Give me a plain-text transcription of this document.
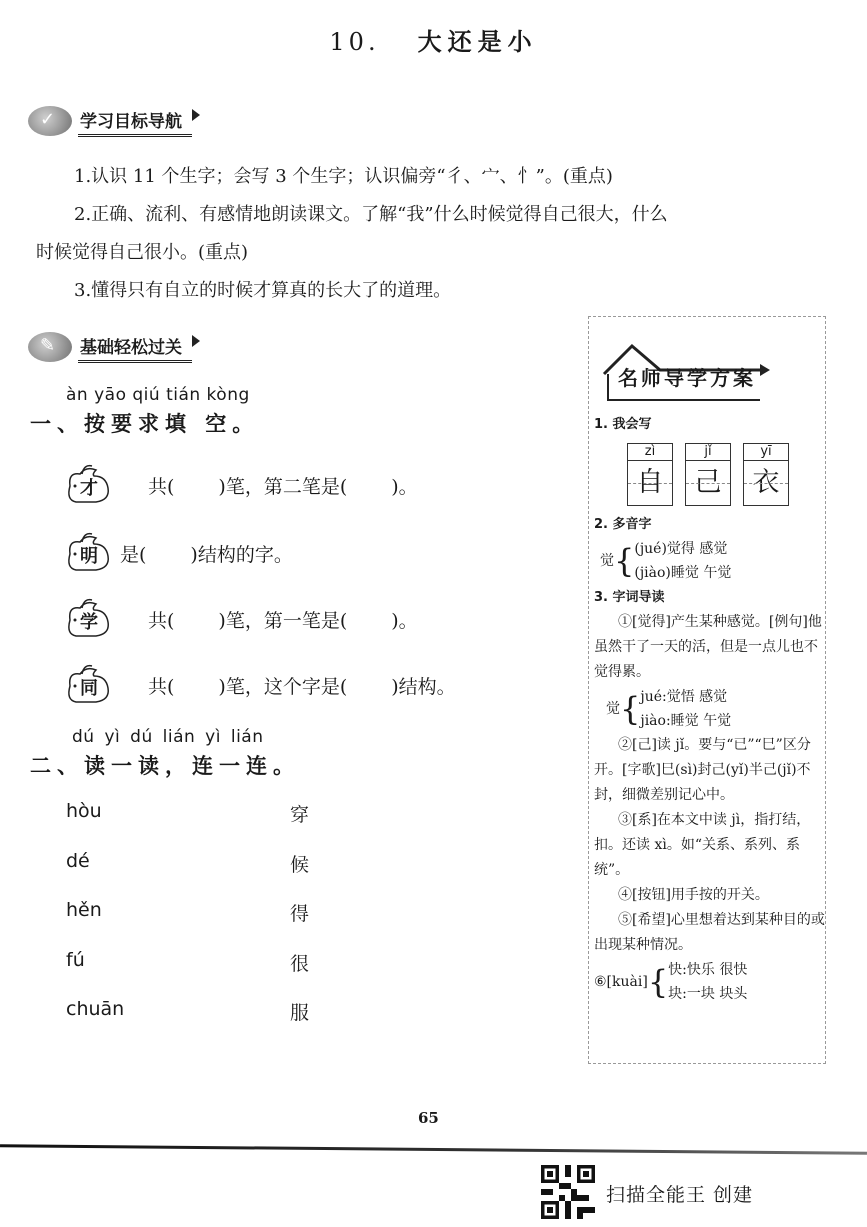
10. 大还是小
✓ 学习目标导航

1.认识 11 个生字；会写 3 个生字；认识偏旁“彳、宀、忄”。(重点)

2.正确、流利、有感情地朗读课文。了解“我”什么时候觉得自己很大，什么

时候觉得自己很小。(重点)

3.懂得只有自立的时候才算真的长大了的道理。

✎ 基础轻松过关
àn yāo qiú tián kòng
一、按要求填 空。
才	共( )笔，第二笔是( )。
明 是( )结构的字。
学	共( )笔，第一笔是( )。
同	共( )笔，这个字是( )结构。
dú yì dú lián yì lián
二、读一读，连一连。
hòu
dé
hěn
fú
chuān
穿
候
得
很
服
名师导学方案
1. 我会写
zì
自
jǐ
己
yī
衣
2. 多音字
觉 { (jué)觉得 感觉
(jiào)睡觉 午觉
3. 字词导读
①[觉得]产生某种感觉。[例句]他虽然干了一天的活，但是一点儿也不觉得累。
觉 { jué:觉悟 感觉
jiào:睡觉 午觉
②[己]读 jǐ。要与“已”“巳”区分开。[字歌]巳(sì)封己(yǐ)半己(jǐ)不封，细微差别记心中。
③[系]在本文中读 jì，指打结，扣。还读 xì。如“关系、系列、系统”。
④[按钮]用手按的开关。
⑤[希望]心里想着达到某种目的或出现某种情况。
⑥[kuài] { 快:快乐 很快
块:一块 块头
65
扫描全能王 创建
